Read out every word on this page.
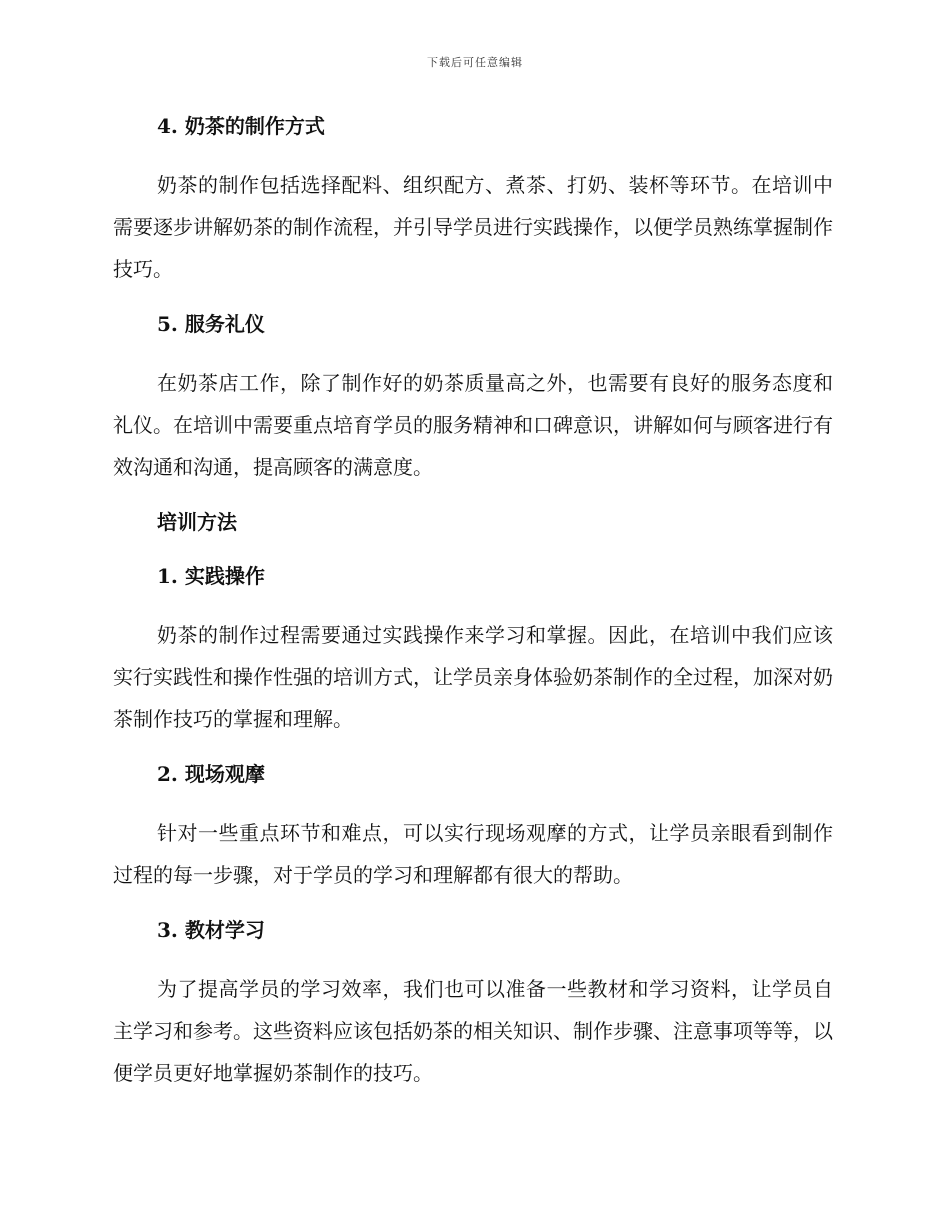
下载后可任意编辑
4. 奶茶的制作方式

奶茶的制作包括选择配料、组织配方、煮茶、打奶、装杯等环节。在培训中需要逐步讲解奶茶的制作流程，并引导学员进行实践操作，以便学员熟练掌握制作技巧。

5. 服务礼仪

在奶茶店工作，除了制作好的奶茶质量高之外，也需要有良好的服务态度和礼仪。在培训中需要重点培育学员的服务精神和口碑意识，讲解如何与顾客进行有效沟通和沟通，提高顾客的满意度。

培训方法
1. 实践操作

奶茶的制作过程需要通过实践操作来学习和掌握。因此，在培训中我们应该实行实践性和操作性强的培训方式，让学员亲身体验奶茶制作的全过程，加深对奶茶制作技巧的掌握和理解。

2. 现场观摩

针对一些重点环节和难点，可以实行现场观摩的方式，让学员亲眼看到制作过程的每一步骤，对于学员的学习和理解都有很大的帮助。

3. 教材学习

为了提高学员的学习效率，我们也可以准备一些教材和学习资料，让学员自主学习和参考。这些资料应该包括奶茶的相关知识、制作步骤、注意事项等等，以便学员更好地掌握奶茶制作的技巧。
